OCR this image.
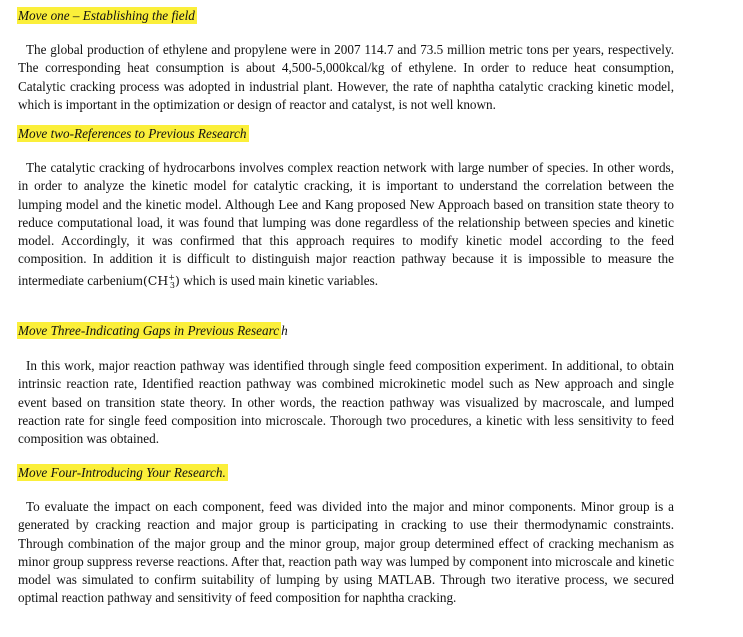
Move one – Establishing the field

The global production of ethylene and propylene were in 2007 114.7 and 73.5 million metric tons per years, respectively. The corresponding heat consumption is about 4,500-5,000kcal/kg of ethylene. In order to reduce heat consumption, Catalytic cracking process was adopted in industrial plant. However, the rate of naphtha catalytic cracking kinetic model, which is important in the optimization or design of reactor and catalyst, is not well known.

Move two-References to Previous Research

The catalytic cracking of hydrocarbons involves complex reaction network with large number of species. In other words, in order to analyze the kinetic model for catalytic cracking, it is important to understand the correlation between the lumping model and the kinetic model. Although Lee and Kang proposed New Approach based on transition state theory to reduce computational load, it was found that lumping was done regardless of the relationship between species and kinetic model. Accordingly, it was confirmed that this approach requires to modify kinetic model according to the feed composition. In addition it is difficult to distinguish major reaction pathway because it is impossible to measure the intermediate $carbenium(CH^+_3)$ which is used main kinetic variables.

Move Three-Indicating Gaps in Previous Researc h

In this work, major reaction pathway was identified through single feed composition experiment. In additional, to obtain intrinsic reaction rate, Identified reaction pathway was combined microkinetic model such as New approach and single event based on transition state theory. In other words, the reaction pathway was visualized by macroscale, and lumped reaction rate for single feed composition into microscale. Thorough two procedures, a kinetic with less sensitivity to feed composition was obtained.

Move Four-Introducing Your Research.

To evaluate the impact on each component, feed was divided into the major and minor components. Minor group is a generated by cracking reaction and major group is participating in cracking to use their thermodynamic constraints. Through combination of the major group and the minor group, major group determined effect of cracking mechanism as minor group suppress reverse reactions. After that, reaction path way was lumped by component into microscale and kinetic model was simulated to confirm suitability of lumping by using MATLAB. Through two iterative process, we secured optimal reaction pathway and sensitivity of feed composition for naphtha cracking.
